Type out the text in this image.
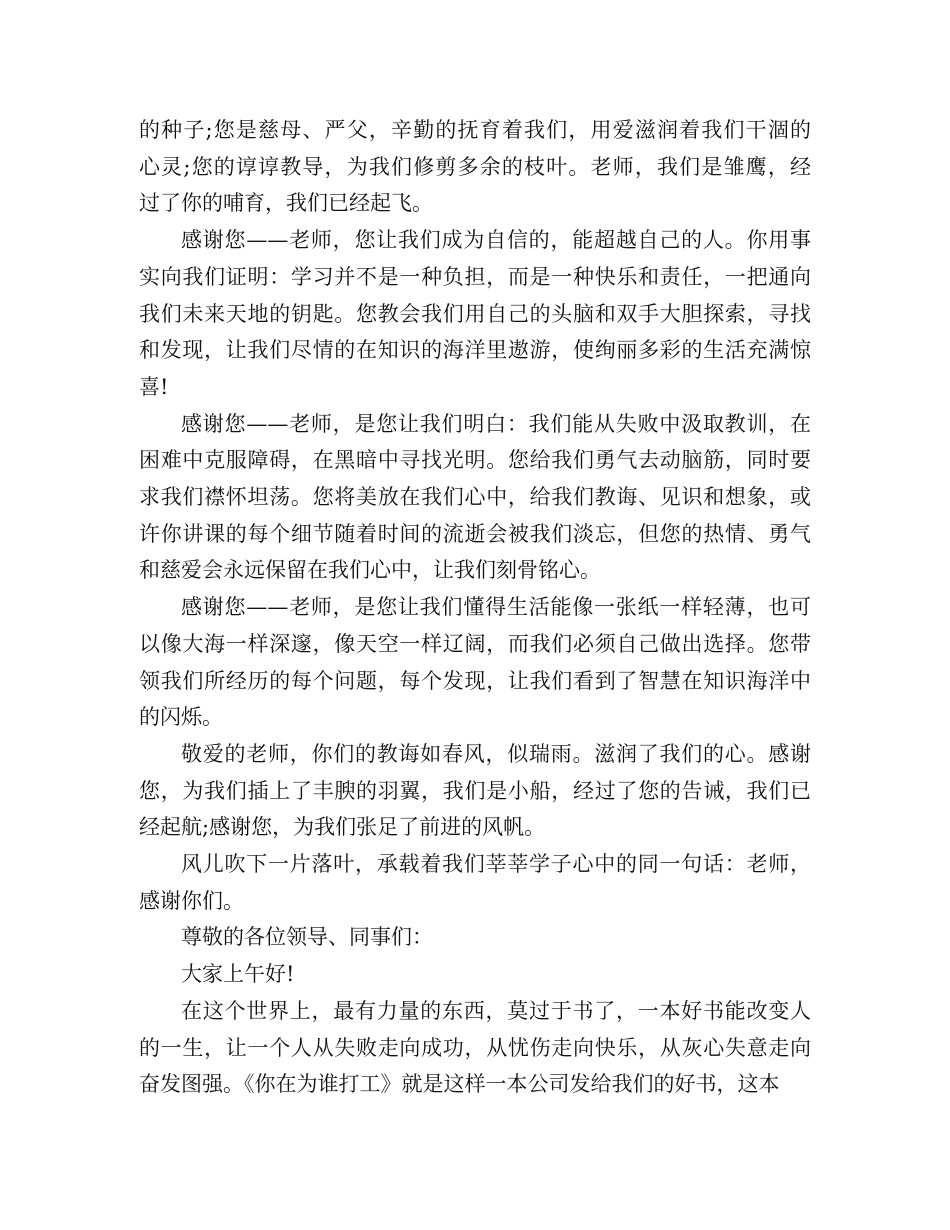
的种子;您是慈母、严父，辛勤的抚育着我们，用爱滋润着我们干涸的
心灵;您的谆谆教导，为我们修剪多余的枝叶。老师，我们是雏鹰，经
过了你的哺育，我们已经起飞。

感谢您——老师，您让我们成为自信的，能超越自己的人。你用事
实向我们证明：学习并不是一种负担，而是一种快乐和责任，一把通向
我们未来天地的钥匙。您教会我们用自己的头脑和双手大胆探索，寻找
和发现，让我们尽情的在知识的海洋里遨游，使绚丽多彩的生活充满惊
喜!

感谢您——老师，是您让我们明白：我们能从失败中汲取教训，在
困难中克服障碍，在黑暗中寻找光明。您给我们勇气去动脑筋，同时要
求我们襟怀坦荡。您将美放在我们心中，给我们教诲、见识和想象，或
许你讲课的每个细节随着时间的流逝会被我们淡忘，但您的热情、勇气
和慈爱会永远保留在我们心中，让我们刻骨铭心。

感谢您——老师，是您让我们懂得生活能像一张纸一样轻薄，也可
以像大海一样深邃，像天空一样辽阔，而我们必须自己做出选择。您带
领我们所经历的每个问题，每个发现，让我们看到了智慧在知识海洋中
的闪烁。

敬爱的老师，你们的教诲如春风，似瑞雨。滋润了我们的心。感谢
您，为我们插上了丰腴的羽翼，我们是小船，经过了您的告诫，我们已
经起航;感谢您，为我们张足了前进的风帆。

风儿吹下一片落叶，承载着我们莘莘学子心中的同一句话：老师，
感谢你们。

尊敬的各位领导、同事们：

大家上午好!

在这个世界上，最有力量的东西，莫过于书了，一本好书能改变人
的一生，让一个人从失败走向成功，从忧伤走向快乐，从灰心失意走向
奋发图强。《你在为谁打工》就是这样一本公司发给我们的好书，这本
